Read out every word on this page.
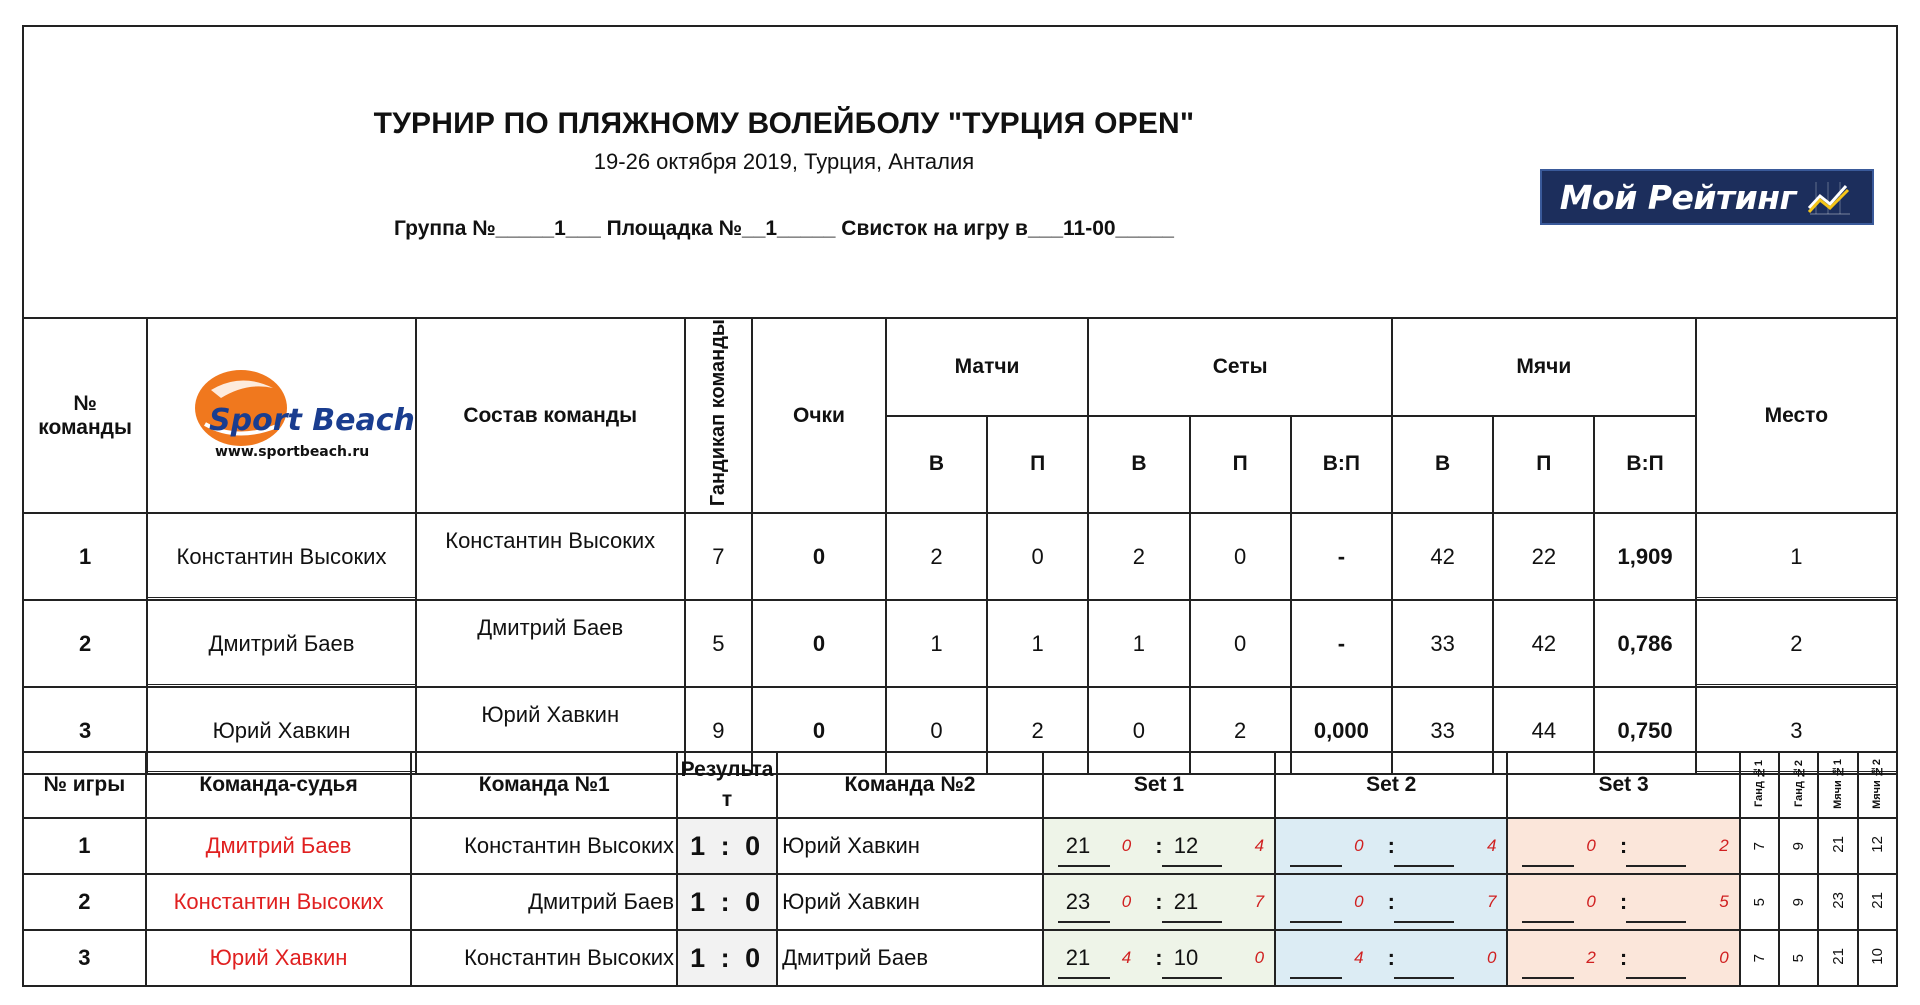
ТУРНИР ПО ПЛЯЖНОМУ ВОЛЕЙБОЛУ "ТУРЦИЯ OPEN"
19-26 октября 2019, Турция, Анталия
Группа №_____1___ Площадка №__1_____ Свисток на игру в___11-00_____
Мой Рейтинг
№ команды	Sport Beach
www.sportbeach.ru	Состав команды	Гандикап команды	Очки	Матчи		Сеты			Мячи			Место
					В	П	В	П	В:П	В	П	В:П	
1	Константин Высоких	Константин Высоких	7	0	2	0	2	0	-	42	22	1,909	1

2	Дмитрий Баев	Дмитрий Баев	5	0	1	1	1	0	-	33	42	0,786	2

3	Юрий Хавкин	Юрий Хавкин	9	0	0	2	0	2	0,000	33	44	0,750	3
№ игры	Команда-судья	Команда №1	Результат	Команда №2	Set 1	Set 2	Set 3	Ганд №1	Ганд №2	Мячи №1	Мячи №2
1	Дмитрий Баев	Константин Высоких	1 : 0	Юрий Хавкин	21 0 : 12 4	0 : 4	0 : 2	7	9	21	12
2	Константин Высоких	Дмитрий Баев	1 : 0	Юрий Хавкин	23 0 : 21 7	0 : 7	0 : 5	5	9	23	21
3	Юрий Хавкин	Константин Высоких	1 : 0	Дмитрий Баев	21 4 : 10 0	4 : 0	2 : 0	7	5	21	10
